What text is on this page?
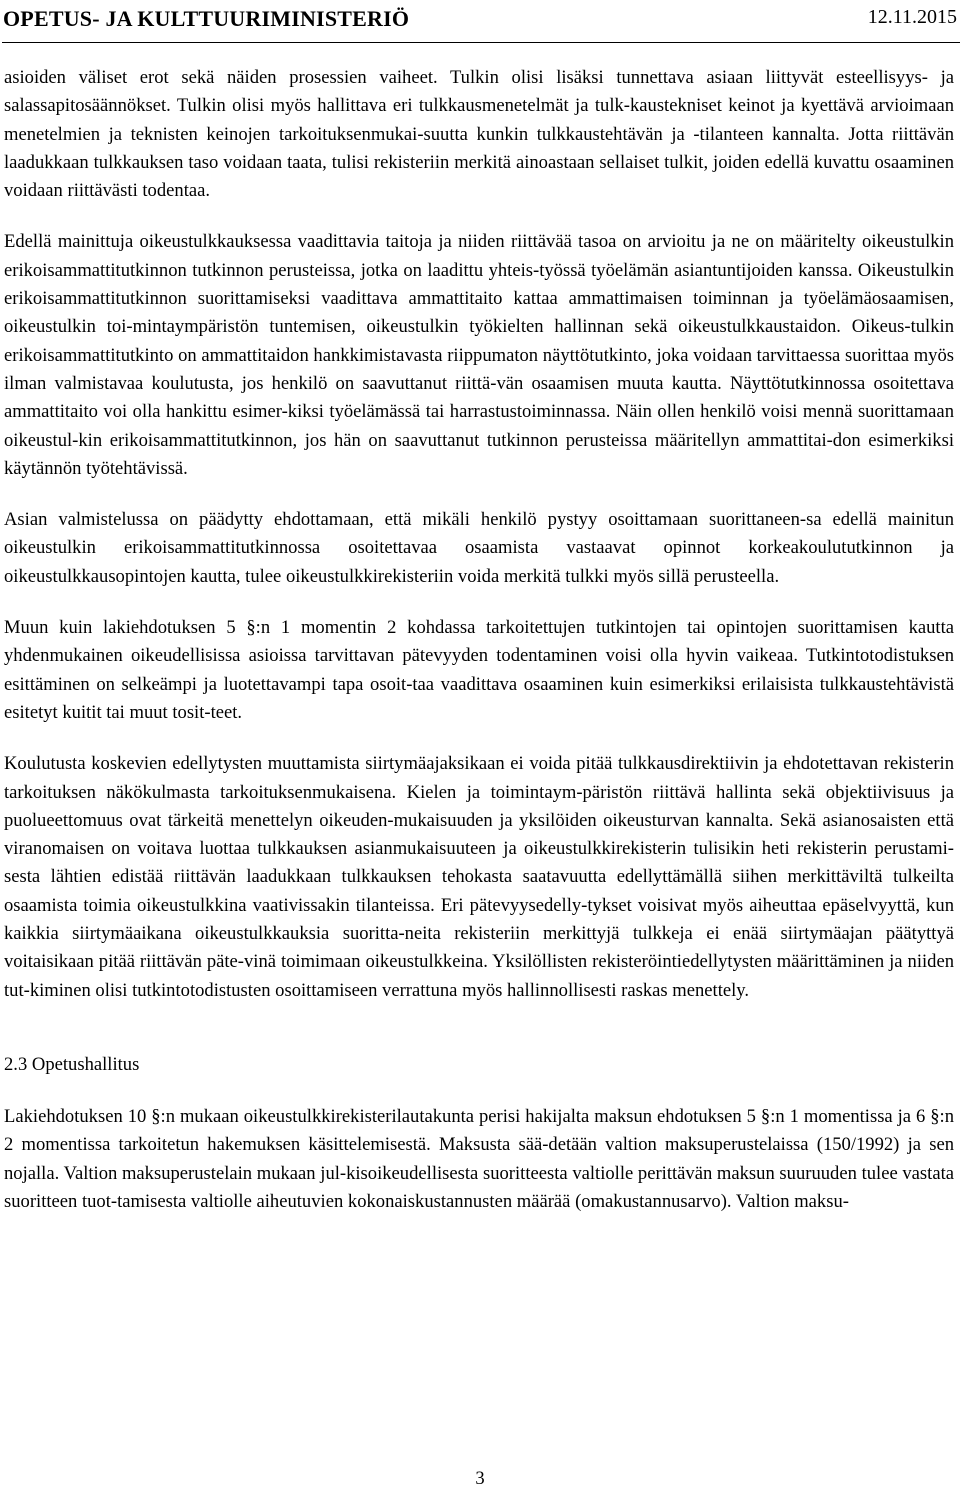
OPETUS- JA KULTTUURIMINISTERIÖ	12.11.2015

asioiden väliset erot sekä näiden prosessien vaiheet. Tulkin olisi lisäksi tunnettava asiaan liittyvät esteellisyys- ja salassapitosäännökset. Tulkin olisi myös hallittava eri tulkkausmenetelmät ja tulk-kaustekniset keinot ja kyettävä arvioimaan menetelmien ja teknisten keinojen tarkoituksenmukai-suutta kunkin tulkkaustehtävän ja -tilanteen kannalta. Jotta riittävän laadukkaan tulkkauksen taso voidaan taata, tulisi rekisteriin merkitä ainoastaan sellaiset tulkit, joiden edellä kuvattu osaaminen voidaan riittävästi todentaa.

Edellä mainittuja oikeustulkkauksessa vaadittavia taitoja ja niiden riittävää tasoa on arvioitu ja ne on määritelty oikeustulkin erikoisammattitutkinnon tutkinnon perusteissa, jotka on laadittu yhteis-työssä työelämän asiantuntijoiden kanssa. Oikeustulkin erikoisammattitutkinnon suorittamiseksi vaadittava ammattitaito kattaa ammattimaisen toiminnan ja työelämäosaamisen, oikeustulkin toi-mintaympäristön tuntemisen, oikeustulkin työkielten hallinnan sekä oikeustulkkaustaidon. Oikeus-tulkin erikoisammattitutkinto on ammattitaidon hankkimistavasta riippumaton näyttötutkinto, joka voidaan tarvittaessa suorittaa myös ilman valmistavaa koulutusta, jos henkilö on saavuttanut riittä-vän osaamisen muuta kautta. Näyttötutkinnossa osoitettava ammattitaito voi olla hankittu esimer-kiksi työelämässä tai harrastustoiminnassa. Näin ollen henkilö voisi mennä suorittamaan oikeustul-kin erikoisammattitutkinnon, jos hän on saavuttanut tutkinnon perusteissa määritellyn ammattitai-don esimerkiksi käytännön työtehtävissä.

Asian valmistelussa on päädytty ehdottamaan, että mikäli henkilö pystyy osoittamaan suorittaneen-sa edellä mainitun oikeustulkin erikoisammattitutkinnossa osoitettavaa osaamista vastaavat opinnot korkeakoulututkinnon ja oikeustulkkausopintojen kautta, tulee oikeustulkkirekisteriin voida merkitä tulkki myös sillä perusteella.

Muun kuin lakiehdotuksen 5 §:n 1 momentin 2 kohdassa tarkoitettujen tutkintojen tai opintojen suorittamisen kautta yhdenmukainen oikeudellisissa asioissa tarvittavan pätevyyden todentaminen voisi olla hyvin vaikeaa. Tutkintotodistuksen esittäminen on selkeämpi ja luotettavampi tapa osoit-taa vaadittava osaaminen kuin esimerkiksi erilaisista tulkkaustehtävistä esitetyt kuitit tai muut tosit-teet.

Koulutusta koskevien edellytysten muuttamista siirtymäajaksikaan ei voida pitää tulkkausdirektiivin ja ehdotettavan rekisterin tarkoituksen näkökulmasta tarkoituksenmukaisena. Kielen ja toimintaym-päristön riittävä hallinta sekä objektiivisuus ja puolueettomuus ovat tärkeitä menettelyn oikeuden-mukaisuuden ja yksilöiden oikeusturvan kannalta. Sekä asianosaisten että viranomaisen on voitava luottaa tulkkauksen asianmukaisuuteen ja oikeustulkkirekisterin tulisikin heti rekisterin perustami-sesta lähtien edistää riittävän laadukkaan tulkkauksen tehokasta saatavuutta edellyttämällä siihen merkittäviltä tulkeilta osaamista toimia oikeustulkkina vaativissakin tilanteissa. Eri pätevyysedelly-tykset voisivat myös aiheuttaa epäselvyyttä, kun kaikkia siirtymäaikana oikeustulkkauksia suoritta-neita rekisteriin merkittyjä tulkkeja ei enää siirtymäajan päätyttyä voitaisikaan pitää riittävän päte-vinä toimimaan oikeustulkkeina. Yksilöllisten rekisteröintiedellytysten määrittäminen ja niiden tut-kiminen olisi tutkintotodistusten osoittamiseen verrattuna myös hallinnollisesti raskas menettely.

2.3 Opetushallitus

Lakiehdotuksen 10 §:n mukaan oikeustulkkirekisterilautakunta perisi hakijalta maksun ehdotuksen 5 §:n 1 momentissa ja 6 §:n 2 momentissa tarkoitetun hakemuksen käsittelemisestä. Maksusta sää-detään valtion maksuperustelaissa (150/1992) ja sen nojalla. Valtion maksuperustelain mukaan jul-kisoikeudellisesta suoritteesta valtiolle perittävän maksun suuruuden tulee vastata suoritteen tuot-tamisesta valtiolle aiheutuvien kokonaiskustannusten määrää (omakustannusarvo). Valtion maksu-

3
